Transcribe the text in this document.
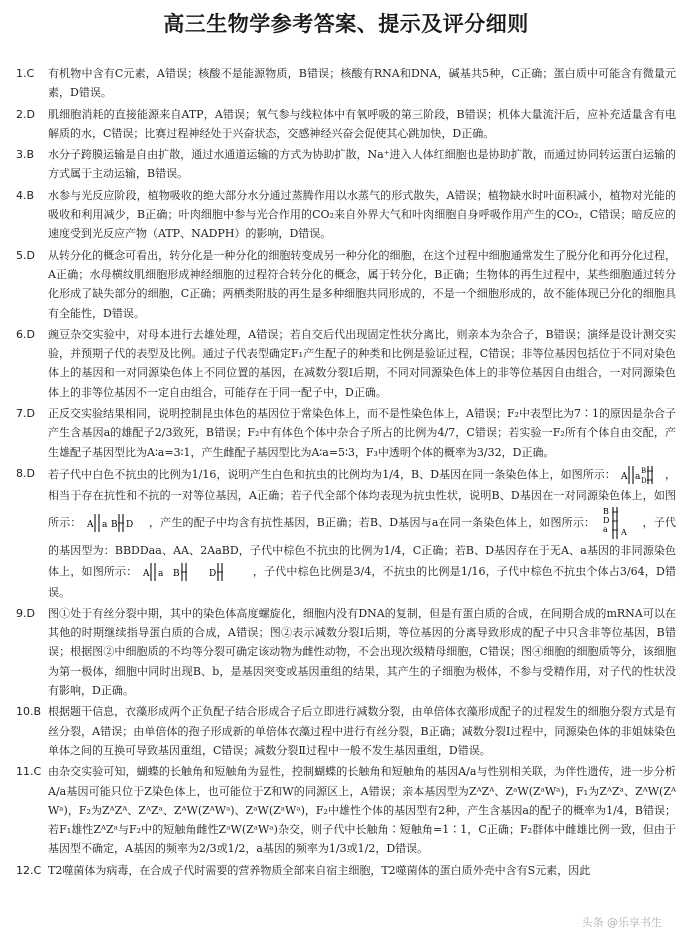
高三生物学参考答案、提示及评分细则
1.C	有机物中含有C元素，A错误；核酸不是能源物质，B错误；核酸有RNA和DNA，碱基共5种，C正确；蛋白质中可能含有微量元素，D错误。
2.D	肌细胞消耗的直接能源来自ATP，A错误；氧气参与线粒体中有氧呼吸的第三阶段，B错误；机体大量流汗后，应补充适量含有电解质的水，C错误；比赛过程神经处于兴奋状态，交感神经兴奋会促使其心跳加快，D正确。
3.B	水分子跨膜运输是自由扩散，通过水通道运输的方式为协助扩散，Na⁺进入人体红细胞也是协助扩散，而通过协同转运蛋白运输的方式属于主动运输，B错误。
4.B	水参与光反应阶段，植物吸收的绝大部分水分通过蒸腾作用以水蒸气的形式散失，A错误；植物缺水时叶面积减小，植物对光能的吸收和利用减少，B正确；叶肉细胞中参与光合作用的CO₂来自外界大气和叶肉细胞自身呼吸作用产生的CO₂，C错误；暗反应的速度受到光反应产物（ATP、NADPH）的影响，D错误。
5.D	从转分化的概念可看出，转分化是一种分化的细胞转变成另一种分化的细胞，在这个过程中细胞通常发生了脱分化和再分化过程，A正确；水母横纹肌细胞形成神经细胞的过程符合转分化的概念，属于转分化，B正确；生物体的再生过程中，某些细胞通过转分化形成了缺失部分的细胞，C正确；两栖类附肢的再生是多种细胞共同形成的，不是一个细胞形成的，故不能体现已分化的细胞具有全能性，D错误。
6.D	豌豆杂交实验中，对母本进行去雄处理，A错误；若自交后代出现固定性状分离比，则亲本为杂合子，B错误；演绎是设计测交实验，并预期子代的表型及比例。通过子代表型确定F₁产生配子的种类和比例是验证过程，C错误；非等位基因包括位于不同对染色体上的基因和一对同源染色体上不同位置的基因，在减数分裂Ⅰ后期，不同对同源染色体上的非等位基因自由组合，一对同源染色体上的非等位基因不一定自由组合，可能存在于同一配子中，D正确。
7.D	正反交实验结果相同，说明控制昆虫体色的基因位于常染色体上，而不是性染色体上，A错误；F₂中表型比为7∶1的原因是杂合子产生含基因a的雄配子2/3致死，B错误；F₂中有体色个体中杂合子所占的比例为4/7，C错误；若实验一F₂所有个体自由交配，产生雄配子基因型比为A∶a=3∶1，产生雌配子基因型比为A∶a=5∶3，F₃中透明个体的概率为3/32，D正确。
8.D	若子代中白色不抗虫的比例为1/16，说明产生白色和抗虫的比例均为1/4，B、D基因在同一条染色体上，如图所示： A a
B
D ，相当于存在抗性和不抗的一对等位基因，A正确；若子代全部个体均表现为抗虫性状，说明B、D基因在一对同源染色体上，如图所示： A a B D ，产生的配子中均含有抗性基因，B正确；若B、D基因与a在同一条染色体上，如图所示：
B
D
a A
，子代的基因型为：BBDDaa、AA、2AaBD，子代中棕色不抗虫的比例为1/4，C正确；若B、D基因存在于无A、a基因的非同源染色体上，如图所示： A a B	D	，子代中棕色比例是3/4，不抗虫的比例是1/16，子代中棕色不抗虫个体占3/64，D错误。
9.D	图①处于有丝分裂中期，其中的染色体高度螺旋化，细胞内没有DNA的复制，但是有蛋白质的合成，在间期合成的mRNA可以在其他的时期继续指导蛋白质的合成，A错误；图②表示减数分裂Ⅰ后期，等位基因的分离导致形成的配子中只含非等位基因，B错误；根据图②中细胞质的不均等分裂可确定该动物为雌性动物，不会出现次级精母细胞，C错误；图④细胞的细胞质等分，该细胞为第一极体，细胞中同时出现B、b，是基因突变或基因重组的结果，其产生的子细胞为极体，不参与受精作用，对子代的性状没有影响，D正确。
10.B 根据题干信息，衣藻形成两个正负配子结合形成合子后立即进行减数分裂，由单倍体衣藻形成配子的过程发生的细胞分裂方式是有丝分裂，A错误；由单倍体的孢子形成新的单倍体衣藻过程中进行有丝分裂，B正确；减数分裂Ⅰ过程中，同源染色体的非姐妹染色单体之间的互换可导致基因重组，C错误；减数分裂Ⅱ过程中一般不发生基因重组，D错误。
11.C 由杂交实验可知，蝴蝶的长触角和短触角为显性，控制蝴蝶的长触角和短触角的基因A/a与性别相关联，为伴性遗传，进一步分析A/a基因可能只位于Z染色体上，也可能位于Z和W的同源区上，A错误；亲本基因型为ZᴬZᴬ、ZᵃW(ZᵃWᵃ)，F₁为ZᴬZᵃ、ZᴬW(ZᴬWᵃ)，F₂为ZᴬZᴬ、ZᴬZᵃ、ZᴬW(ZᴬWᵃ)、ZᵃW(ZᵃWᵃ)，F₂中雄性个体的基因型有2种，产生含基因a的配子的概率为1/4，B错误；若F₁雄性ZᴬZᵃ与F₂中的短触角雌性ZᵃW(ZᵃWᵃ)杂交，则子代中长触角∶短触角=1∶1，C正确；F₂群体中雌雄比例一致，但由于基因型不确定，A基因的频率为2/3或1/2，a基因的频率为1/3或1/2，D错误。
12.C T2噬菌体为病毒，在合成子代时需要的营养物质全部来自宿主细胞，T2噬菌体的蛋白质外壳中含有S元素，因此
头条 @乐享书生
